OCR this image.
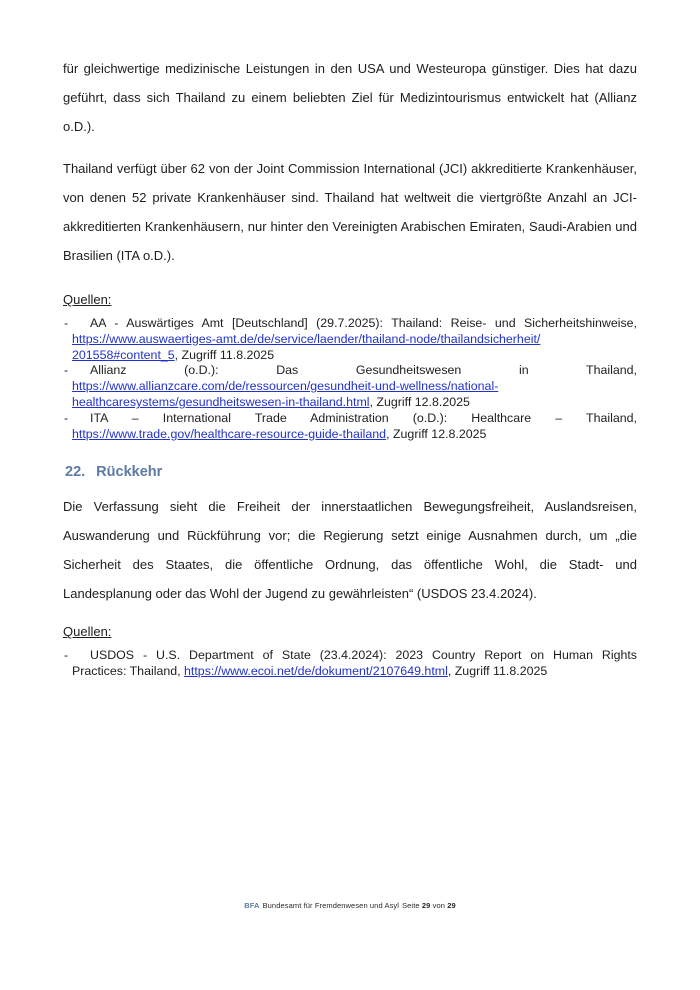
für gleichwertige medizinische Leistungen in den USA und Westeuropa günstiger. Dies hat dazu geführt, dass sich Thailand zu einem beliebten Ziel für Medizintourismus entwickelt hat (Allianz o.D.).

Thailand verfügt über 62 von der Joint Commission International (JCI) akkreditierte Krankenhäuser, von denen 52 private Krankenhäuser sind. Thailand hat weltweit die viertgrößte Anzahl an JCI-akkreditierten Krankenhäusern, nur hinter den Vereinigten Arabischen Emiraten, Saudi-Arabien und Brasilien (ITA o.D.).

Quellen:
-	AA - Auswärtiges Amt [Deutschland] (29.7.2025): Thailand: Reise- und Sicherheitshinweise,
https://www.auswaertiges-amt.de/de/service/laender/thailand-node/thailandsicherheit/
201558#content_5, Zugriff 11.8.2025
-	Allianz (o.D.): Das Gesundheitswesen in Thailand,
https://www.allianzcare.com/de/ressourcen/gesundheit-und-wellness/national-
healthcaresystems/gesundheitswesen-in-thailand.html, Zugriff 12.8.2025
-	ITA – International Trade Administration (o.D.): Healthcare – Thailand,
https://www.trade.gov/healthcare-resource-guide-thailand, Zugriff 12.8.2025
22. Rückkehr

Die Verfassung sieht die Freiheit der innerstaatlichen Bewegungsfreiheit, Auslandsreisen, Auswanderung und Rückführung vor; die Regierung setzt einige Ausnahmen durch, um „die Sicherheit des Staates, die öffentliche Ordnung, das öffentliche Wohl, die Stadt- und Landesplanung oder das Wohl der Jugend zu gewährleisten“ (USDOS 23.4.2024).

Quellen:
-	USDOS - U.S. Department of State (23.4.2024): 2023 Country Report on Human Rights
Practices: Thailand, https://www.ecoi.net/de/dokument/2107649.html, Zugriff 11.8.2025
BFA Bundesamt für Fremdenwesen und Asyl Seite 29 von 29
